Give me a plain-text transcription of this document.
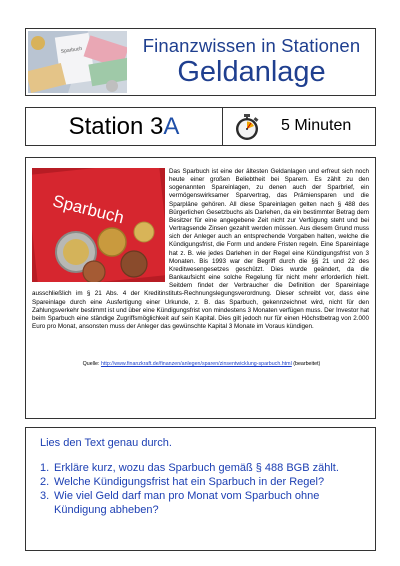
Sparbuch	Finanzwissen in Stationen
Geldanlage
Station 3A	5 Minuten
Sparbuch

Das Sparbuch ist eine der ältesten Geldanlagen und erfreut sich noch heute einer großen Beliebtheit bei Sparern. Es zählt zu den sogenannten Spareinlagen, zu denen auch der Sparbrief, ein vermögenswirksamer Sparvertrag, das Prämiensparen und die Sparpläne gehören. All diese Spareinlagen gelten nach § 488 des Bürgerlichen Gesetzbuchs als Darlehen, da ein bestimmter Betrag dem Besitzer für eine angegebene Zeit nicht zur Verfügung steht und bei Vertragsende Zinsen gezahlt werden müssen. Aus diesem Grund muss sich der Anleger auch an entsprechende Vorgaben halten, welche die Kündigungsfrist, die Form und andere Fristen regeln. Eine Spareinlage hat z. B. wie jedes Darlehen in der Regel eine Kündigungsfrist von 3 Monaten. Bis 1993 war der Begriff durch die §§ 21 und 22 des Kreditwesengesetzes geschützt. Dies wurde geändert, da die Bankaufsicht eine solche Regelung für nicht mehr erforderlich hielt. Seitdem findet der Verbraucher die Definition der Spareinlage ausschließlich im § 21 Abs. 4 der Kreditinstituts-Rechnungslegungsverordnung. Dieser schreibt vor, dass eine Spareinlage durch eine Ausfertigung einer Urkunde, z. B. das Sparbuch, gekennzeichnet wird, nicht für den Zahlungsverkehr bestimmt ist und über eine Kündigungsfrist von mindestens 3 Monaten verfügen muss. Der Investor hat beim Sparbuch eine ständige Zugriffsmöglichkeit auf sein Kapital. Dies gilt jedoch nur für einen Höchstbetrag von 2.000 Euro pro Monat, ansonsten muss der Anleger das gewünschte Kapital 3 Monate im Voraus kündigen.

Quelle: http://www.finanzkraft.de/finanzen/anlegen/sparen/zinsentwicklung-sparbuch.html (bearbeitet)
Lies den Text genau durch.
1. Erkläre kurz, wozu das Sparbuch gemäß § 488 BGB zählt.
2. Welche Kündigungsfrist hat ein Sparbuch in der Regel?
3. Wie viel Geld darf man pro Monat vom Sparbuch ohne Kündigung abheben?
